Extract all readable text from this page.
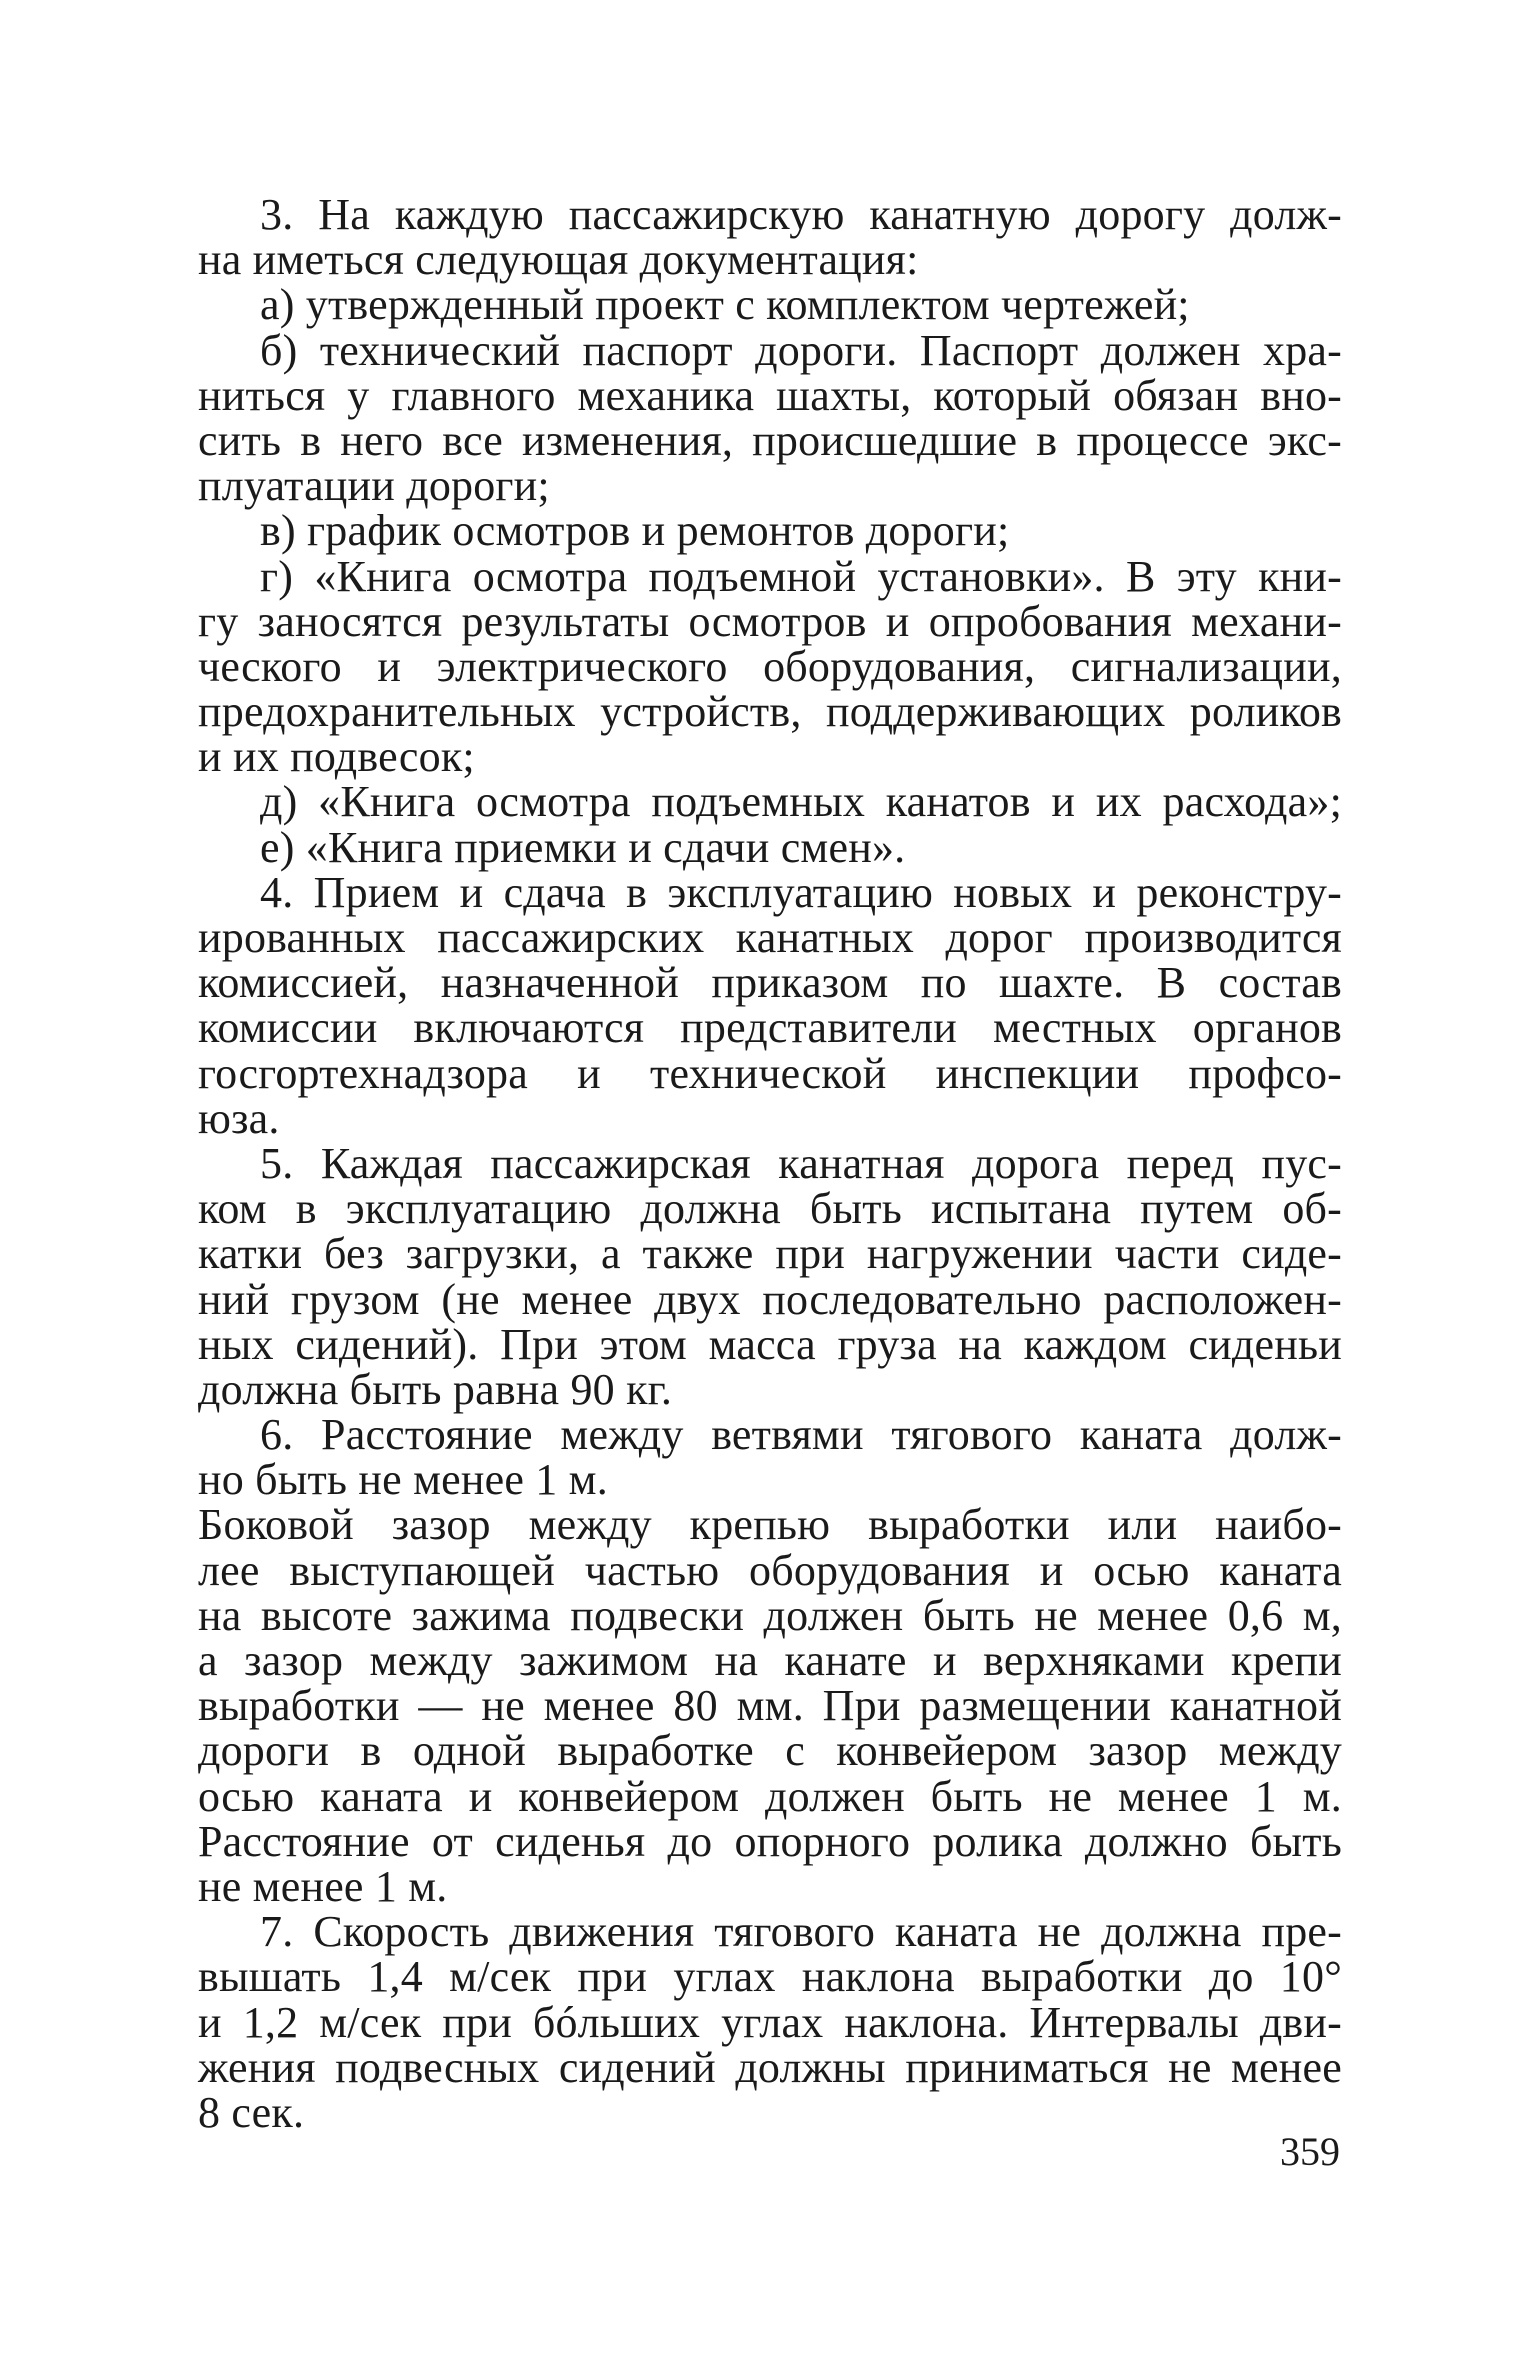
3. На каждую пассажирскую канатную дорогу долж-
на иметься следующая документация:
а) утвержденный проект с комплектом чертежей;
б) технический паспорт дороги. Паспорт должен хра-
ниться у главного механика шахты, который обязан вно-
сить в него все изменения, происшедшие в процессе экс-
плуатации дороги;
в) график осмотров и ремонтов дороги;
г) «Книга осмотра подъемной установки». В эту кни-
гу заносятся результаты осмотров и опробования механи-
ческого и электрического оборудования, сигнализации,
предохранительных устройств, поддерживающих роликов
и их подвесок;
д) «Книга осмотра подъемных канатов и их расхода»;
е) «Книга приемки и сдачи смен».
4. Прием и сдача в эксплуатацию новых и реконстру-
ированных пассажирских канатных дорог производится
комиссией, назначенной приказом по шахте. В состав
комиссии включаются представители местных органов
госгортехнадзора и технической инспекции профсо-
юза.
5. Каждая пассажирская канатная дорога перед пус-
ком в эксплуатацию должна быть испытана путем об-
катки без загрузки, а также при нагружении части сиде-
ний грузом (не менее двух последовательно расположен-
ных сидений). При этом масса груза на каждом сиденьи
должна быть равна 90 кг.
6. Расстояние между ветвями тягового каната долж-
но быть не менее 1 м.
Боковой зазор между крепью выработки или наибо-
лее выступающей частью оборудования и осью каната
на высоте зажима подвески должен быть не менее 0,6 м,
а зазор между зажимом на канате и верхняками крепи
выработки — не менее 80 мм. При размещении канатной
дороги в одной выработке с конвейером зазор между
осью каната и конвейером должен быть не менее 1 м.
Расстояние от сиденья до опорного ролика должно быть
не менее 1 м.
7. Скорость движения тягового каната не должна пре-
вышать 1,4 м/сек при углах наклона выработки до 10°
и 1,2 м/сек при бóльших углах наклона. Интервалы дви-
жения подвесных сидений должны приниматься не менее
8 сек.
359
